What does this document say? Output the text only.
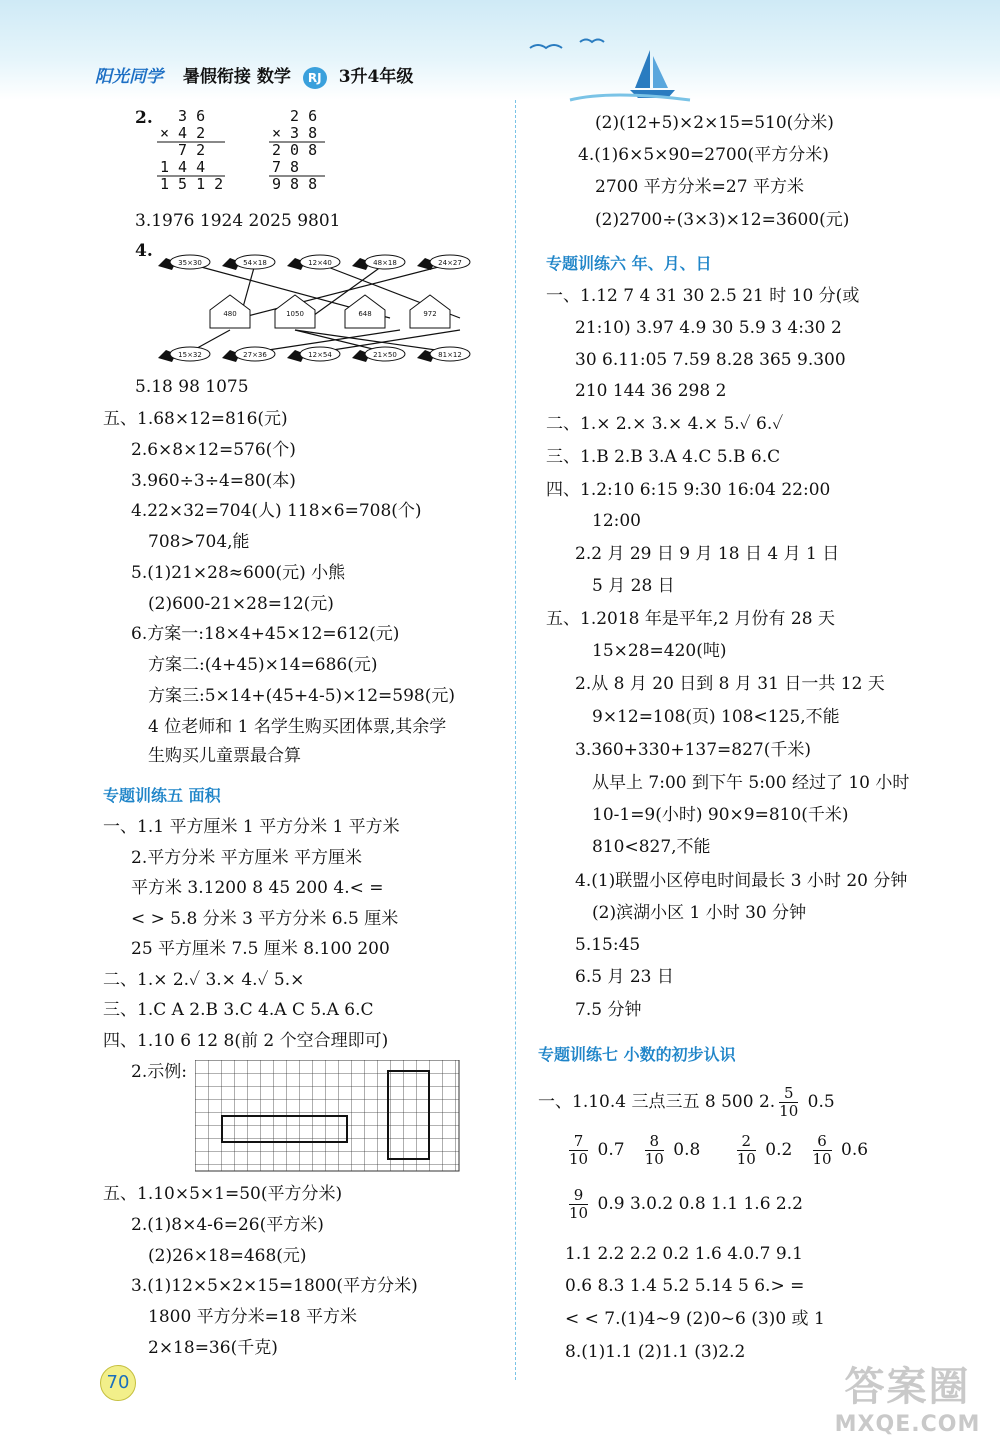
阳光同学 暑假衔接 数学 RJ 3升4年级
2.	3 6
× 4 2
7 2
1 4 4
1 5 1 2
2 6
× 3 8
2 0 8
7 8
9 8 8
3.1976 1924 2025 9801
4.
35×30	54×18	12×40	48×18	24×27
480	1050	648	972
15×32	27×36	12×54	21×50	81×12
5.18 98 1075
五、1.68×12=816(元)
2.6×8×12=576(个)
3.960÷3÷4=80(本)
4.22×32=704(人) 118×6=708(个)
708>704,能
5.(1)21×28≈600(元) 小熊
(2)600-21×28=12(元)
6.方案一:18×4+45×12=612(元)
方案二:(4+45)×14=686(元)
方案三:5×14+(45+4-5)×12=598(元)
4 位老师和 1 名学生购买团体票,其余学
生购买儿童票最合算
专题训练五 面积
一、1.1 平方厘米 1 平方分米 1 平方米
2.平方分米 平方厘米 平方厘米
平方米 3.1200 8 45 200 4.< =
< > 5.8 分米 3 平方分米 6.5 厘米
25 平方厘米 7.5 厘米 8.100 200
二、1.× 2.✓ 3.× 4.✓ 5.×
三、1.C A 2.B 3.C 4.A C 5.A 6.C
四、1.10 6 12 8(前 2 个空合理即可)
2.示例:
五、1.10×5×1=50(平方分米)
2.(1)8×4-6=26(平方米)
(2)26×18=468(元)
3.(1)12×5×2×15=1800(平方分米)
1800 平方分米=18 平方米
2×18=36(千克)
(2)(12+5)×2×15=510(分米)
4.(1)6×5×90=2700(平方分米)
2700 平方分米=27 平方米
(2)2700÷(3×3)×12=3600(元)
专题训练六 年、月、日
一、1.12 7 4 31 30 2.5 21 时 10 分(或
21:10) 3.97 4.9 30 5.9 3 4:30 2
30 6.11:05 7.59 8.28 365 9.300
210 144 36 298 2
二、1.× 2.× 3.× 4.× 5.✓ 6.✓
三、1.B 2.B 3.A 4.C 5.B 6.C
四、1.2:10 6:15 9:30 16:04 22:00
12:00
2.2 月 29 日 9 月 18 日 4 月 1 日
5 月 28 日
五、1.2018 年是平年,2 月份有 28 天
15×28=420(吨)
2.从 8 月 20 日到 8 月 31 日一共 12 天
9×12=108(页) 108<125,不能
3.360+330+137=827(千米)
从早上 7:00 到下午 5:00 经过了 10 小时
10-1=9(小时) 90×9=810(千米)
810<827,不能
4.(1)联盟小区停电时间最长 3 小时 20 分钟
(2)滨湖小区 1 小时 30 分钟
5.15:45
6.5 月 23 日
7.5 分钟
专题训练七 小数的初步认识
一、1.10.4 三点三五 8 500 2. $\frac{5}{10} 0.5$
$\frac{7}{10} 0.7 \frac{8}{10} 0.8 \frac{2}{10} 0.2 \frac{6}{10} 0.6$
$\frac{9}{10} 0.9$ 3.0.2 0.8 1.1 1.6 2.2
1.1 2.2 2.2 0.2 1.6 4.0.7 9.1
0.6 8.3 1.4 5.2 5.14 5 6.> =
< < 7.(1)4~9 (2)0~6 (3)0 或 1
8.(1)1.1 (2)1.1 (3)2.2
70	答案圈
MXQE.COM
